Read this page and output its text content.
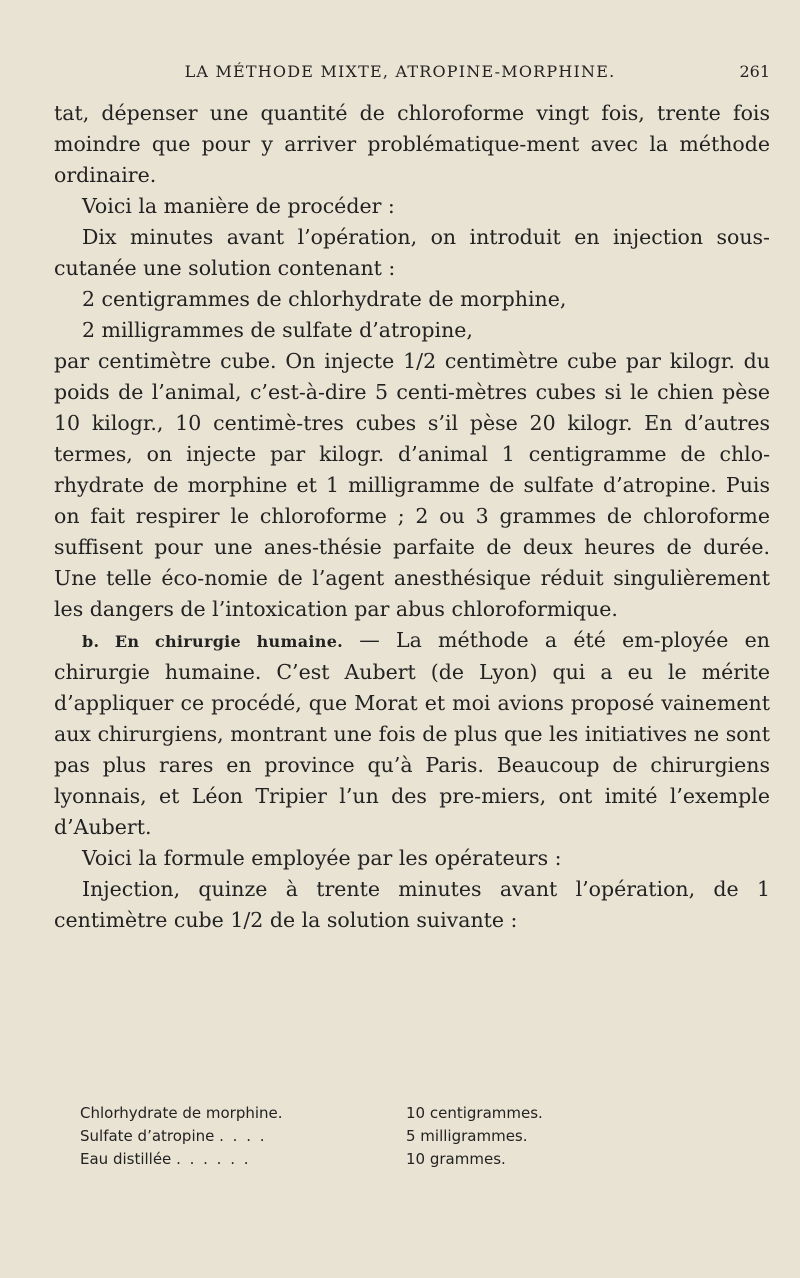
LA MÉTHODE MIXTE, ATROPINE-MORPHINE.	261

tat, dépenser une quantité de chloroforme vingt fois, trente fois moindre que pour y arriver problématique-ment avec la méthode ordinaire.

Voici la manière de procéder :

Dix minutes avant l’opération, on introduit en injection sous-cutanée une solution contenant :

2 centigrammes de chlorhydrate de morphine,

2 milligrammes de sulfate d’atropine,

par centimètre cube. On injecte 1/2 centimètre cube par kilogr. du poids de l’animal, c’est-à-dire 5 centi-mètres cubes si le chien pèse 10 kilogr., 10 centimè-tres cubes s’il pèse 20 kilogr. En d’autres termes, on injecte par kilogr. d’animal 1 centigramme de chlo-rhydrate de morphine et 1 milligramme de sulfate d’atropine. Puis on fait respirer le chloroforme ; 2 ou 3 grammes de chloroforme suffisent pour une anes-thésie parfaite de deux heures de durée. Une telle éco-nomie de l’agent anesthésique réduit singulièrement les dangers de l’intoxication par abus chloroformique.

b. En chirurgie humaine. — La méthode a été em-ployée en chirurgie humaine. C’est Aubert (de Lyon) qui a eu le mérite d’appliquer ce procédé, que Morat et moi avions proposé vainement aux chirurgiens, montrant une fois de plus que les initiatives ne sont pas plus rares en province qu’à Paris. Beaucoup de chirurgiens lyonnais, et Léon Tripier l’un des pre-miers, ont imité l’exemple d’Aubert.

Voici la formule employée par les opérateurs :

Injection, quinze à trente minutes avant l’opération, de 1 centimètre cube 1/2 de la solution suivante :

Chlorhydrate de morphine.	10 centigrammes.
Sulfate d’atropine . . . .	5 milligrammes.
Eau distillée . . . . . .	10 grammes.
